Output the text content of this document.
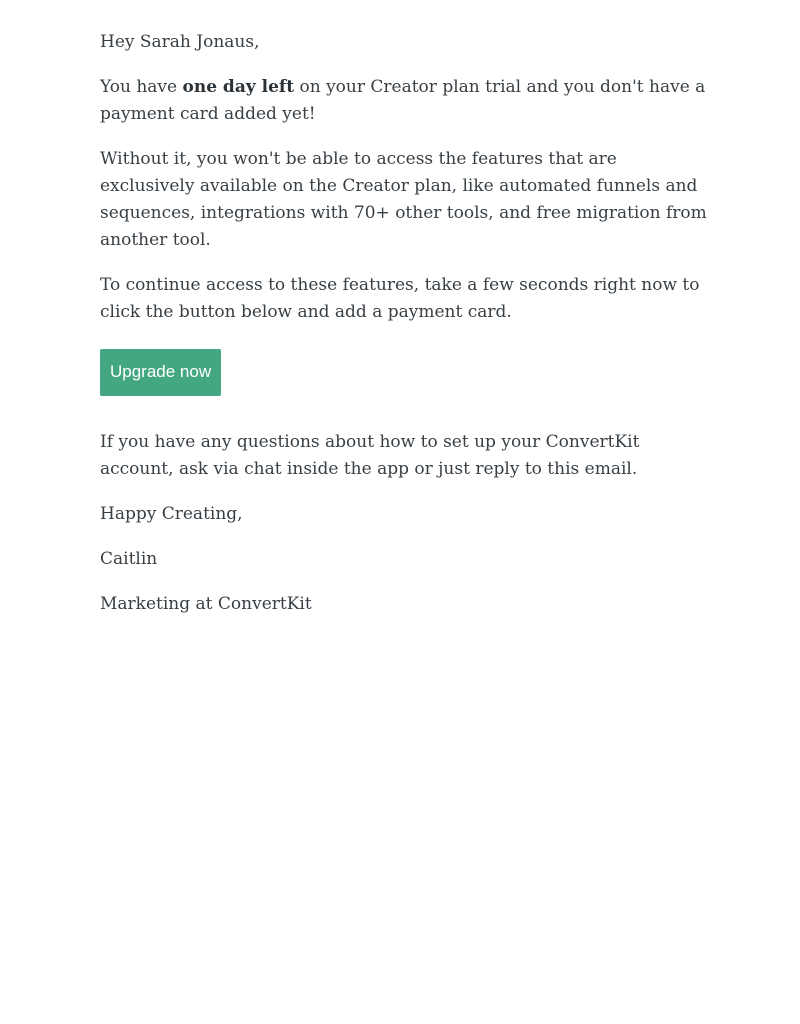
Hey Sarah Jonaus,

You have one day left on your Creator plan trial and you don't have a payment card added yet!

Without it, you won't be able to access the features that are exclusively available on the Creator plan, like automated funnels and sequences, integrations with 70+ other tools, and free migration from another tool.

To continue access to these features, take a few seconds right now to click the button below and add a payment card.

Upgrade now

If you have any questions about how to set up your ConvertKit account, ask via chat inside the app or just reply to this email.

Happy Creating,

Caitlin

Marketing at ConvertKit
